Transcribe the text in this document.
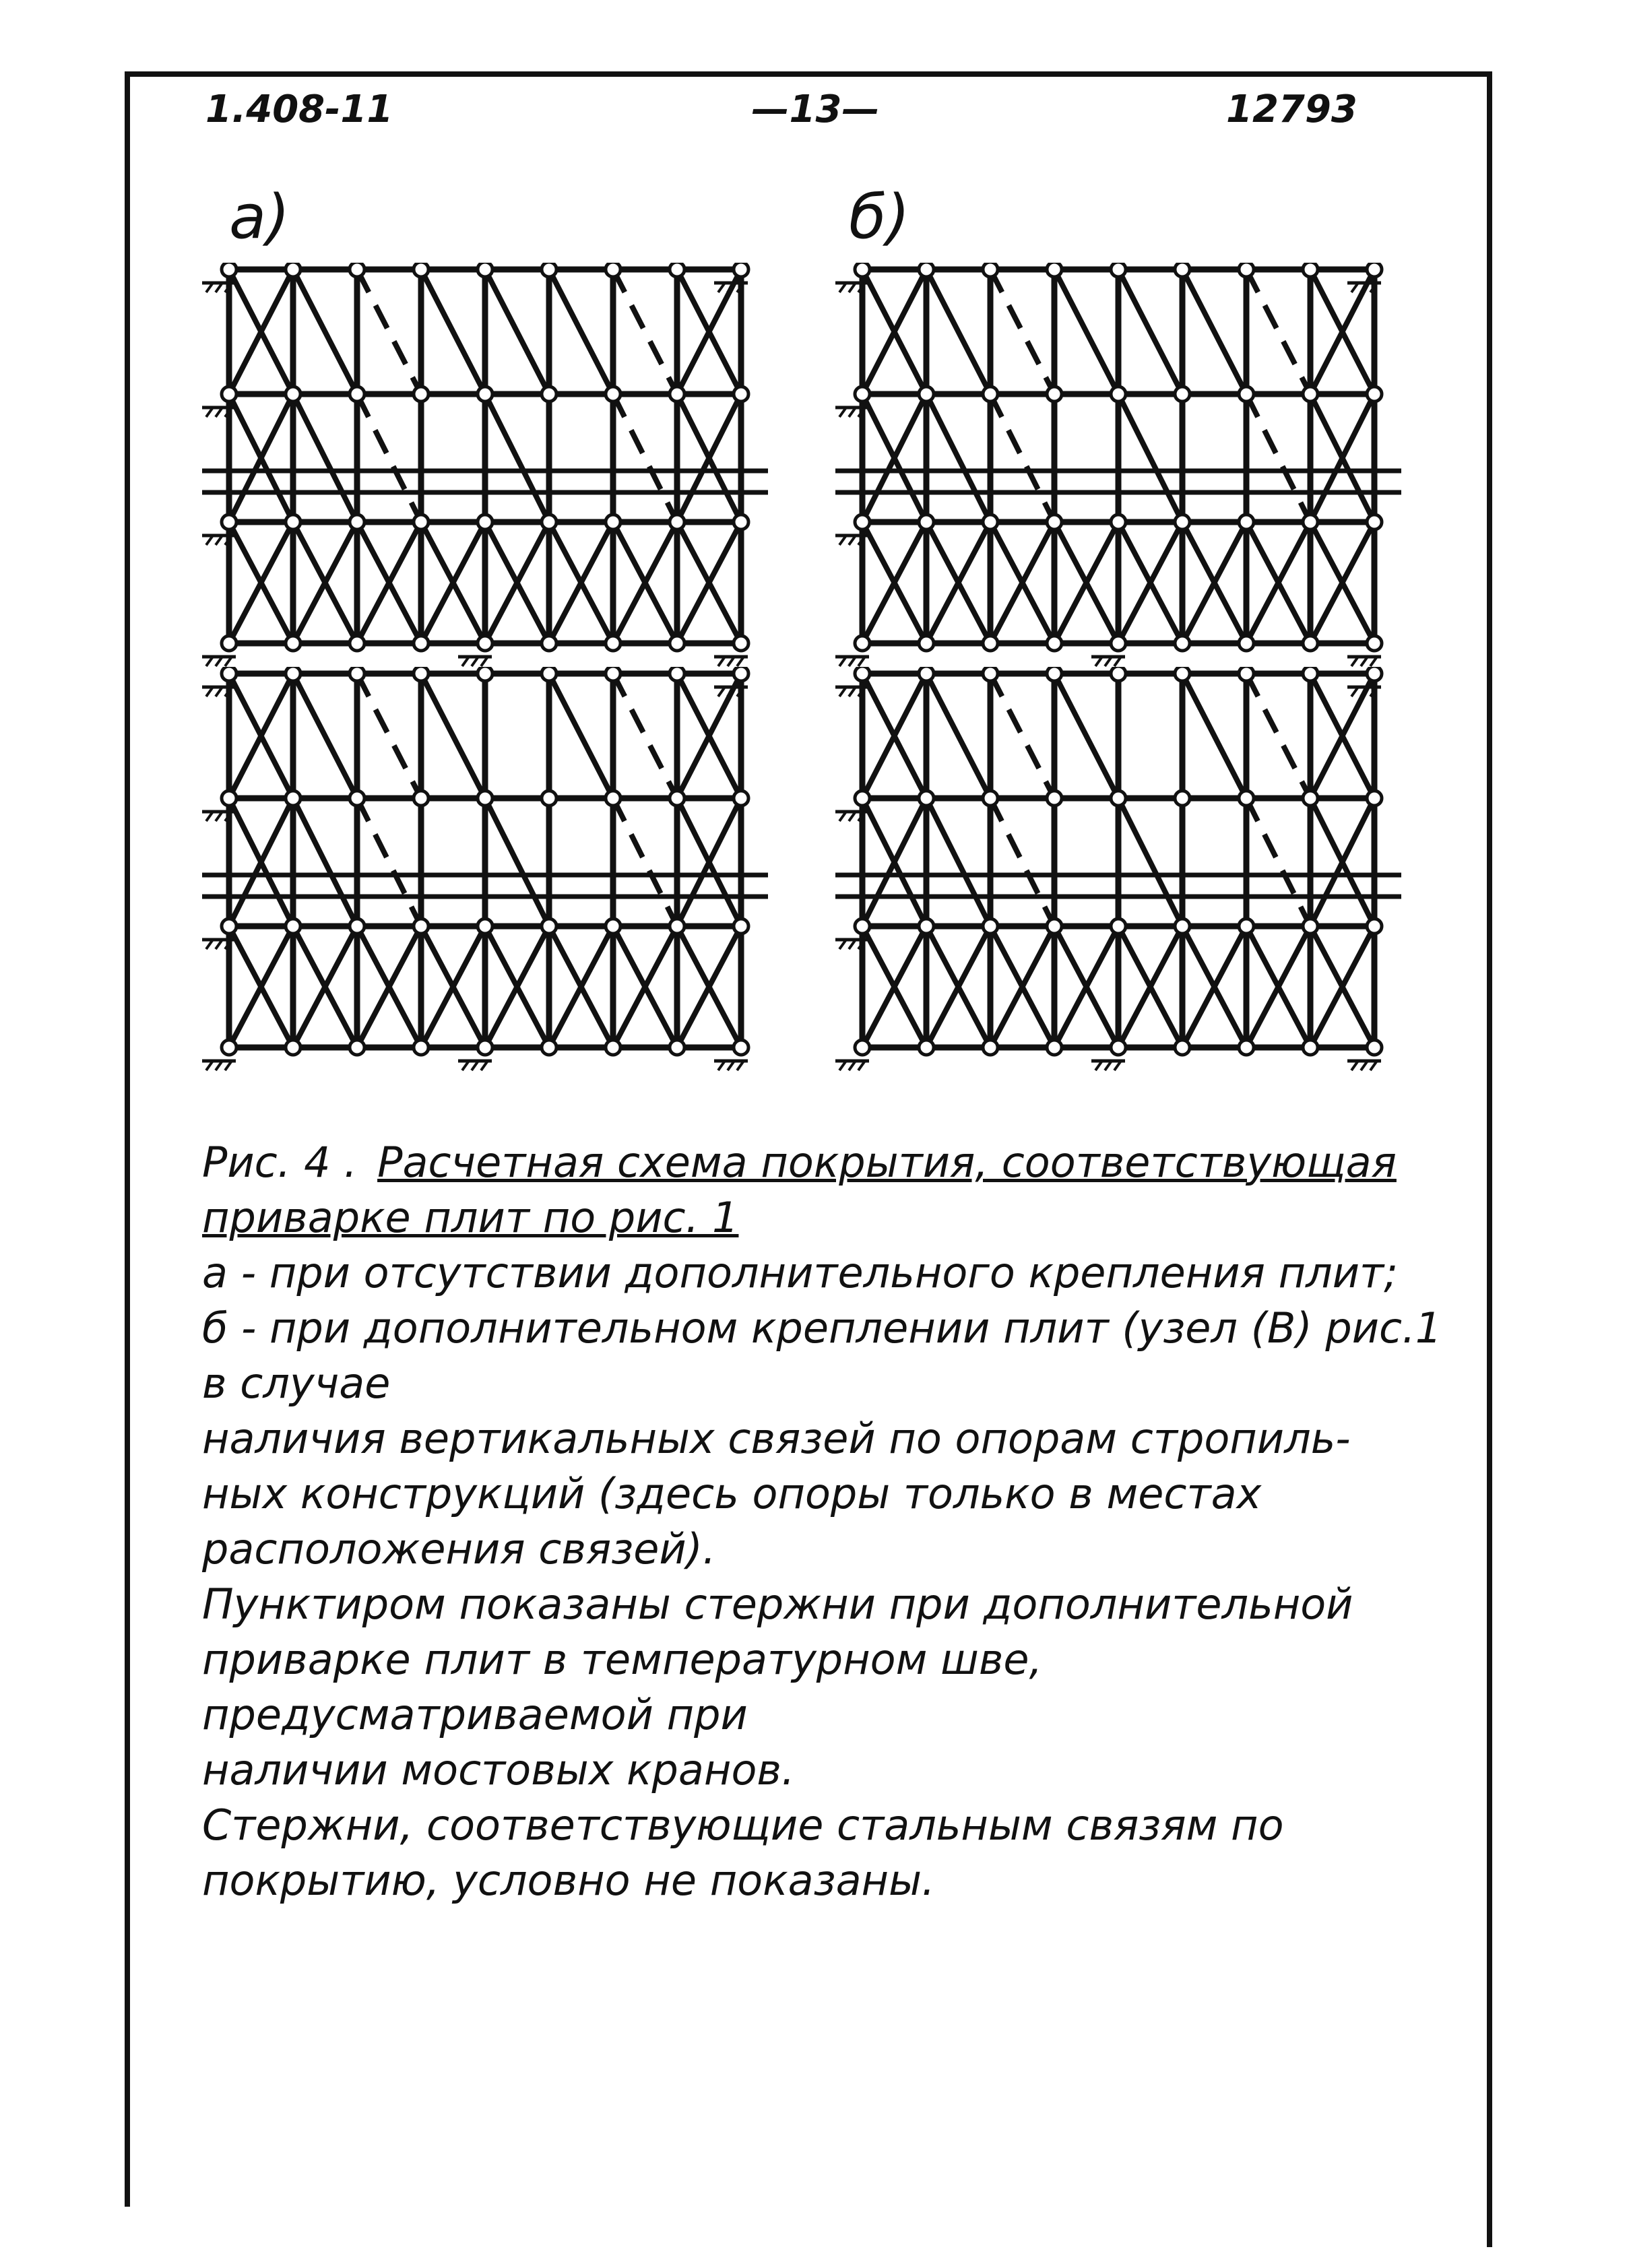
1.408-11	—13—	12793
а)	б)

Рис. 4 . Расчетная схема покрытия, соответствующая

приварке плит по рис. 1

а - при отсутствии дополнительного крепления плит;

б - при дополнительном креплении плит (узел (В) рис.1 в случае

наличия вертикальных связей по опорам стропиль-

ных конструкций (здесь опоры только в местах

расположения связей).

Пунктиром показаны стержни при дополнительной

приварке плит в температурном шве, предусматриваемой при

наличии мостовых кранов.

Стержни, соответствующие стальным связям по

покрытию, условно не показаны.
